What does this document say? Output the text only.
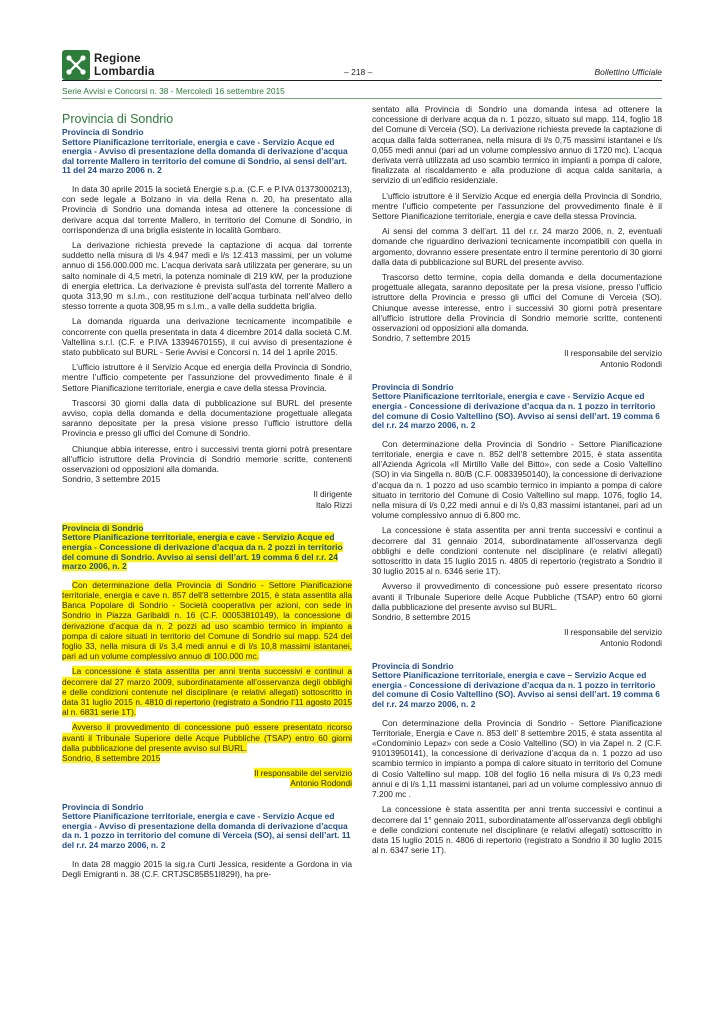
Regione
Lombardia	– 218 –	Bollettino Ufficiale
Serie Avvisi e Concorsi n. 38 - Mercoledì 16 settembre 2015
Provincia di Sondrio
Provincia di Sondrio
Settore Pianificazione territoriale, energia e cave - Servizio Acque ed energia - Avviso di presentazione della domanda di derivazione d’acqua dal torrente Mallero in territorio del comune di Sondrio, ai sensi dell’art. 11 del 24 marzo 2006 n. 2

In data 30 aprile 2015 la società Energie s.p.a. (C.F. e P.IVA 01373000213), con sede legale a Bolzano in via della Rena n. 20, ha presentato alla Provincia di Sondrio una domanda intesa ad ottenere la concessione di derivare acqua dal torrente Mallero, in territorio del Comune di Sondrio, in corrispondenza di una briglia esistente in località Gombaro.

La derivazione richiesta prevede la captazione di acqua dal torrente suddetto nella misura di l/s 4.947 medi e l/s 12.413 massimi, per un volume annuo di 156.000.000 mc. L’acqua derivata sarà utilizzata per generare, su un salto nominale di 4,5 metri, la potenza nominale di 219 kW, per la produzione di energia elettrica. La derivazione è prevista sull’asta del torrente Mallero a quota 313,90 m s.l.m., con restituzione dell’acqua turbinata nell’alveo dello stesso torrente a quota 308,95 m s.l.m., a valle della suddetta briglia.

La domanda riguarda una derivazione tecnicamente incompatibile e concorrente con quella presentata in data 4 dicembre 2014 dalla società C.M. Valtellina s.r.l. (C.F. e P.IVA 13394670155), il cui avviso di presentazione è stato pubblicato sul BURL - Serie Avvisi e Concorsi n. 14 del 1 aprile 2015.

L’ufficio istruttore è il Servizio Acque ed energia della Provincia di Sondrio, mentre l’ufficio competente per l’assunzione del provvedimento finale è il Settore Pianificazione territoriale, energia e cave della stessa Provincia.

Trascorsi 30 giorni dalla data di pubblicazione sul BURL del presente avviso, copia della domanda e della documentazione progettuale allegata saranno depositate per la presa visione presso l’ufficio istruttore della Provincia e presso gli uffici del Comune di Sondrio.

Chiunque abbia interesse, entro i successivi trenta giorni potrà presentare all’ufficio istruttore della Provincia di Sondrio memorie scritte, contenenti osservazioni od opposizioni alla domanda.

Sondrio, 3 settembre 2015
Il dirigente
Italo Rizzi
Provincia di Sondrio
Settore Pianificazione territoriale, energia e cave - Servizio Acque ed energia - Concessione di derivazione d’acqua da n. 2 pozzi in territorio del comune di Sondrio. Avviso ai sensi dell’art. 19 comma 6 del r.r. 24 marzo 2006, n. 2

Con determinazione della Provincia di Sondrio - Settore Pianificazione territoriale, energia e cave n. 857 dell’8 settembre 2015, è stata assentita alla Banca Popolare di Sondrio - Società cooperativa per azioni, con sede in Sondrio in Piazza Garibaldi n. 16 (C.F. 00053810149), la concessione di derivazione d’acqua da n. 2 pozzi ad uso scambio termico in impianto a pompa di calore situati in territorio del Comune di Sondrio sui mapp. 524 del foglio 33, nella misura di l/s 3,4 medi annui e di l/s 10,8 massimi istantanei, pari ad un volume complessivo annuo di 100.000 mc.

La concessione è stata assentita per anni trenta successivi e continui a decorrere dal 27 marzo 2009, subordinatamente all’osservanza degli obblighi e delle condizioni contenute nel disciplinare (e relativi allegati) sottoscritto in data 31 luglio 2015 n. 4810 di repertorio (registrato a Sondrio l’11 agosto 2015 al n. 6831 serie 1T).

Avverso il provvedimento di concessione può essere presentato ricorso avanti il Tribunale Superiore delle Acque Pubbliche (TSAP) entro 60 giorni dalla pubblicazione del presente avviso sul BURL.

Sondrio, 8 settembre 2015
Il responsabile del servizio
Antonio Rodondi
Provincia di Sondrio
Settore Pianificazione territoriale, energia e cave - Servizio Acque ed energia - Avviso di presentazione della domanda di derivazione d’acqua da n. 1 pozzo in territorio del comune di Verceia (SO), ai sensi dell’art. 11 del r.r. 24 marzo 2006, n. 2

In data 28 maggio 2015 la sig.ra Curti Jessica, residente a Gordona in via Degli Emigranti n. 38 (C.F. CRTJSC85B51I829I), ha pre-

sentato alla Provincia di Sondrio una domanda intesa ad ottenere la concessione di derivare acqua da n. 1 pozzo, situato sul mapp. 114, foglio 18 del Comune di Verceia (SO). La derivazione richiesta prevede la captazione di acqua dalla falda sotterranea, nella misura di l/s 0,75 massimi istantanei e l/s 0,055 medi annui (pari ad un volume complessivo annuo di 1720 mc). L’acqua derivata verrà utilizzata ad uso scambio termico in impianti a pompa di calore, finalizzata al riscaldamento e alla produzione di acqua calda sanitaria, a servizio di un’edificio residenziale.

L’ufficio istruttore è il Servizio Acque ed energia della Provincia di Sondrio, mentre l’ufficio competente per l’assunzione del provvedimento finale è il Settore Pianificazione territoriale, energia e cave della stessa Provincia.

Ai sensi del comma 3 dell’art. 11 del r.r. 24 marzo 2006, n. 2, eventuali domande che riguardino derivazioni tecnicamente incompatibili con quella in argomento, dovranno essere presentate entro il termine perentorio di 30 giorni dalla data di pubblicazione sul BURL del presente avviso.

Trascorso detto termine, copia della domanda e della documentazione progettuale allegata, saranno depositate per la presa visione, presso l’ufficio istruttore della Provincia e presso gli uffici del Comune di Verceia (SO). Chiunque avesse interesse, entro i successivi 30 giorni potrà presentare all’ufficio istruttore della Provincia di Sondrio memorie scritte, contenenti osservazioni od opposizioni alla domanda.

Sondrio, 7 settembre 2015
Il responsabile del servizio
Antonio Rodondi
Provincia di Sondrio
Settore Pianificazione territoriale, energia e cave - Servizio Acque ed energia - Concessione di derivazione d’acqua da n. 1 pozzo in territorio del comune di Cosio Valtellino (SO). Avviso ai sensi dell’art. 19 comma 6 del r.r. 24 marzo 2006, n. 2

Con determinazione della Provincia di Sondrio - Settore Pianificazione territoriale, energia e cave n. 852 dell’8 settembre 2015, è stata assentita all’Azienda Agricola «Il Mirtillo Valle del Bitto», con sede a Cosio Valtellino (SO) in via Singella n. 80/B (C.F. 00833950140), la concessione di derivazione d’acqua da n. 1 pozzo ad uso scambio termico in impianto a pompa di calore situato in territorio del Comune di Cosio Valtellino sul mapp. 1076, foglio 14, nella misura di l/s 0,22 medi annui e di l/s 0,83 massimi istantanei, pari ad un volume complessivo annuo di 6.800 mc.

La concessione è stata assentita per anni trenta successivi e continui a decorrere dal 31 gennaio 2014, subordinatamente all’osservanza degli obblighi e delle condizioni contenute nel disciplinare (e relativi allegati) sottoscritto in data 15 luglio 2015 n. 4805 di repertorio (registrato a Sondrio il 30 luglio 2015 al n. 6346 serie 1T).

Avverso il provvedimento di concessione può essere presentato ricorso avanti il Tribunale Superiore delle Acque Pubbliche (TSAP) entro 60 giorni dalla pubblicazione del presente avviso sul BURL.

Sondrio, 8 settembre 2015
Il responsabile del servizio
Antonio Rodondi
Provincia di Sondrio
Settore Pianificazione territoriale, energia e cave – Servizio Acque ed energia - Concessione di derivazione d’acqua da n. 1 pozzo in territorio del comune di Cosio Valtellino (SO). Avviso ai sensi dell’art. 19 comma 6 del r.r. 24 marzo 2006, n. 2

Con determinazione della Provincia di Sondrio - Settore Pianificazione Territoriale, Energia e Cave n. 853 dell’ 8 settembre 2015, è stata assentita al «Condominio Lepaz» con sede a Cosio Valtellino (SO) in via Zapel n. 2 (C.F. 91013950141), la concessione di derivazione d’acqua da n. 1 pozzo ad uso scambio termico in impianto a pompa di calore situato in territorio del Comune di Cosio Valtellino sul mapp. 108 del foglio 16 nella misura di l/s 0,23 medi annui e di l/s 1,11 massimi istantanei, pari ad un volume complessivo annuo di 7.200 mc .

La concessione è stata assentita per anni trenta successivi e continui a decorrere dal 1° gennaio 2011, subordinatamente all’osservanza degli obblighi e delle condizioni contenute nel disciplinare (e relativi allegati) sottoscritto in data 15 luglio 2015 n. 4806 di repertorio (registrato a Sondrio il 30 luglio 2015 al n. 6347 serie 1T).
